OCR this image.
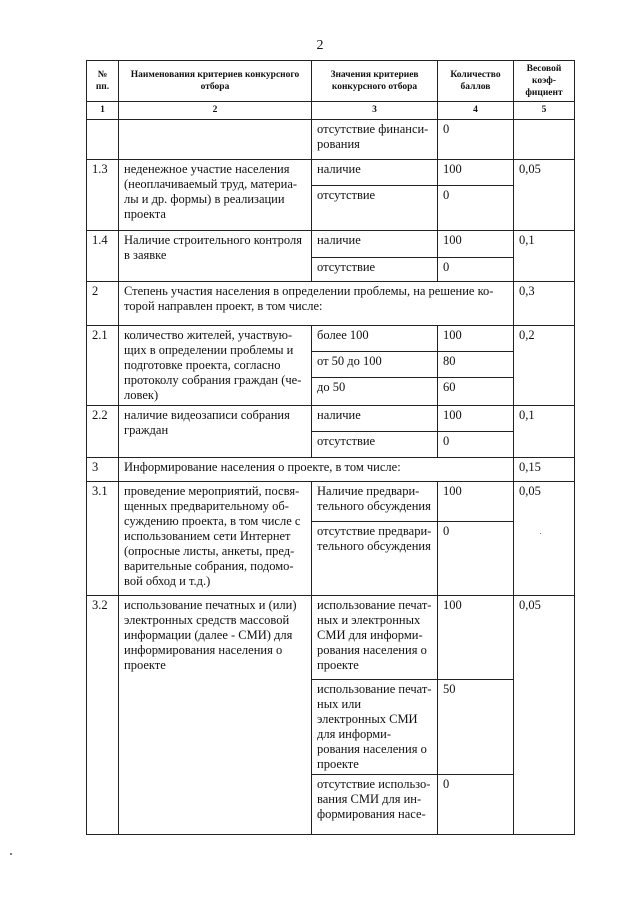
2
№ пп.	Наименования критериев конкурсного отбора	Значения критериев конкурсного отбора	Количество баллов	Весовой коэф-фициент
1	2	3	4	5
		отсутствие финанси-рования	0	
1.3	неденежное участие населения (неоплачиваемый труд, материа-лы и др. формы) в реализации проекта	наличие	100	0,05
		отсутствие	0	
1.4	Наличие строительного контроля в заявке	наличие	100	0,1
		отсутствие	0	
2	Степень участия населения в определении проблемы, на решение ко-торой направлен проект, в том числе:			0,3
2.1	количество жителей, участвую-щих в определении проблемы и подготовке проекта, согласно протоколу собрания граждан (че-ловек)	более 100	100	0,2
		от 50 до 100	80	
		до 50	60	
2.2	наличие видеозаписи собрания граждан	наличие	100	0,1
		отсутствие	0	
3	Информирование населения о проекте, в том числе:			0,15
3.1	проведение мероприятий, посвя-щенных предварительному об-суждению проекта, в том числе с использованием сети Интернет (опросные листы, анкеты, пред-варительные собрания, подомо-вой обход и т.д.)	Наличие предвари-тельного обсуждения	100	0,05
		отсутствие предвари-тельного обсуждения	0	
3.2	использование печатных и (или) электронных средств массовой информации (далее - СМИ) для информирования населения о проекте	использование печат-ных и электронных СМИ для информи-рования населения о проекте	100	0,05
		использование печат-ных или электронных СМИ для информи-рования населения о проекте	50	
		отсутствие использо-вания СМИ для ин-формирования насе-	0	
